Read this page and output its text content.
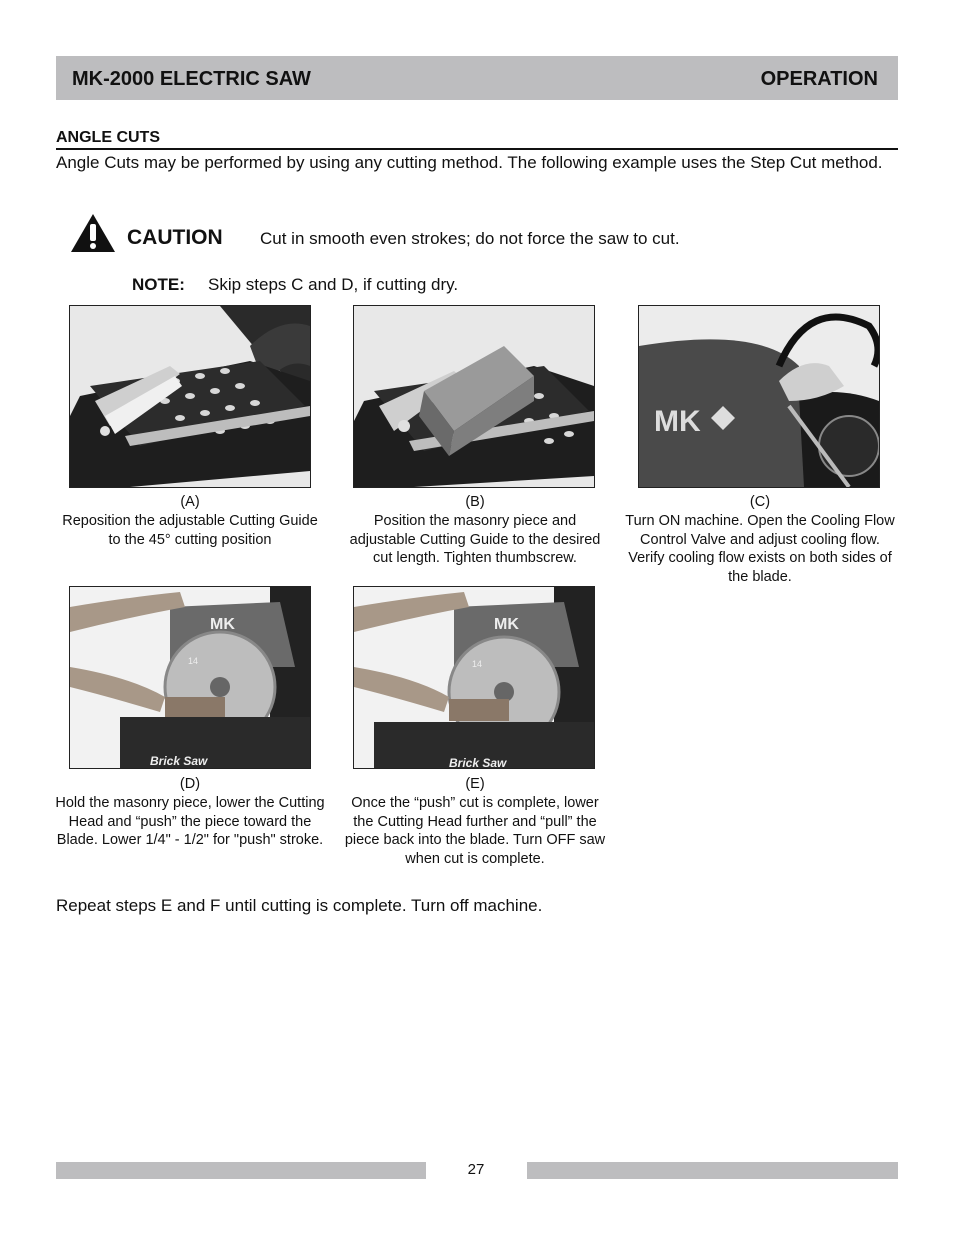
MK-2000 ELECTRIC SAW	OPERATION
ANGLE CUTS
Angle Cuts may be performed by using any cutting method. The following example uses the Step Cut method.
CAUTION Cut in smooth even strokes; do not force the saw to cut.
NOTE: Skip steps C and D, if cutting dry.
(A)
Reposition the adjustable Cutting Guide to the 45° cutting position
(B)
Position the masonry piece and adjustable Cutting Guide to the desired cut length. Tighten thumbscrew.
MK
(C)
Turn ON machine. Open the Cooling Flow Control Valve and adjust cooling flow. Verify cooling flow exists on both sides of the blade.
MK
14
Brick Saw
(D)
Hold the masonry piece, lower the Cutting Head and “push” the piece toward the Blade. Lower 1/4" - 1/2" for "push" stroke.
MK
14
Brick Saw
(E)
Once the “push” cut is complete, lower the Cutting Head further and “pull” the piece back into the blade. Turn OFF saw when cut is complete.
Repeat steps E and F until cutting is complete. Turn off machine.
27
